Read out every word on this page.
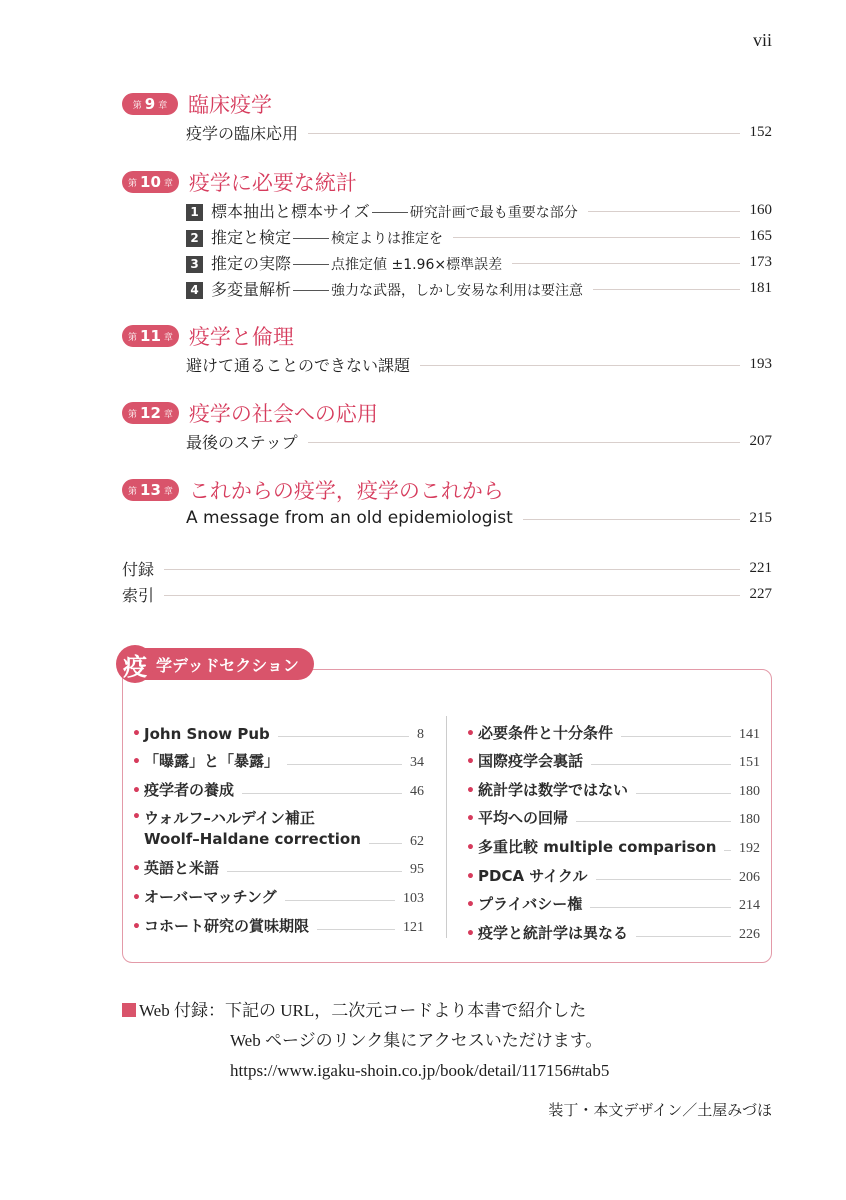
vii
第 9 章 臨床疫学
疫学の臨床応用	152
第 10 章 疫学に必要な統計
1 標本抽出と標本サイズ	研究計画で最も重要な部分	160
2 推定と検定	検定よりは推定を	165
3 推定の実際	点推定値 ±1.96×標準誤差	173
4 多変量解析	強力な武器，しかし安易な利用は要注意	181
第 11 章 疫学と倫理
避けて通ることのできない課題	193
第 12 章 疫学の社会への応用
最後のステップ	207
第 13 章 これからの疫学，疫学のこれから
A message from an old epidemiologist	215
付録	221
索引	227
疫 学デッドセクション
• John Snow Pub	8
• 「曝露」と「暴露」	34
• 疫学者の養成	46
• ウォルフ–ハルデイン補正
Woolf–Haldane correction	62
• 英語と米語	95
• オーバーマッチング	103
• コホート研究の賞味期限	121
• 必要条件と十分条件	141
• 国際疫学会裏話	151
• 統計学は数学ではない	180
• 平均への回帰	180
• 多重比較 multiple comparison 192
• PDCA サイクル	206
• プライバシー権	214
• 疫学と統計学は異なる	226
Web 付録：下記の URL，二次元コードより本書で紹介した
Web ページのリンク集にアクセスいただけます。
https://www.igaku-shoin.co.jp/book/detail/117156#tab5
装丁・本文デザイン／土屋みづほ
